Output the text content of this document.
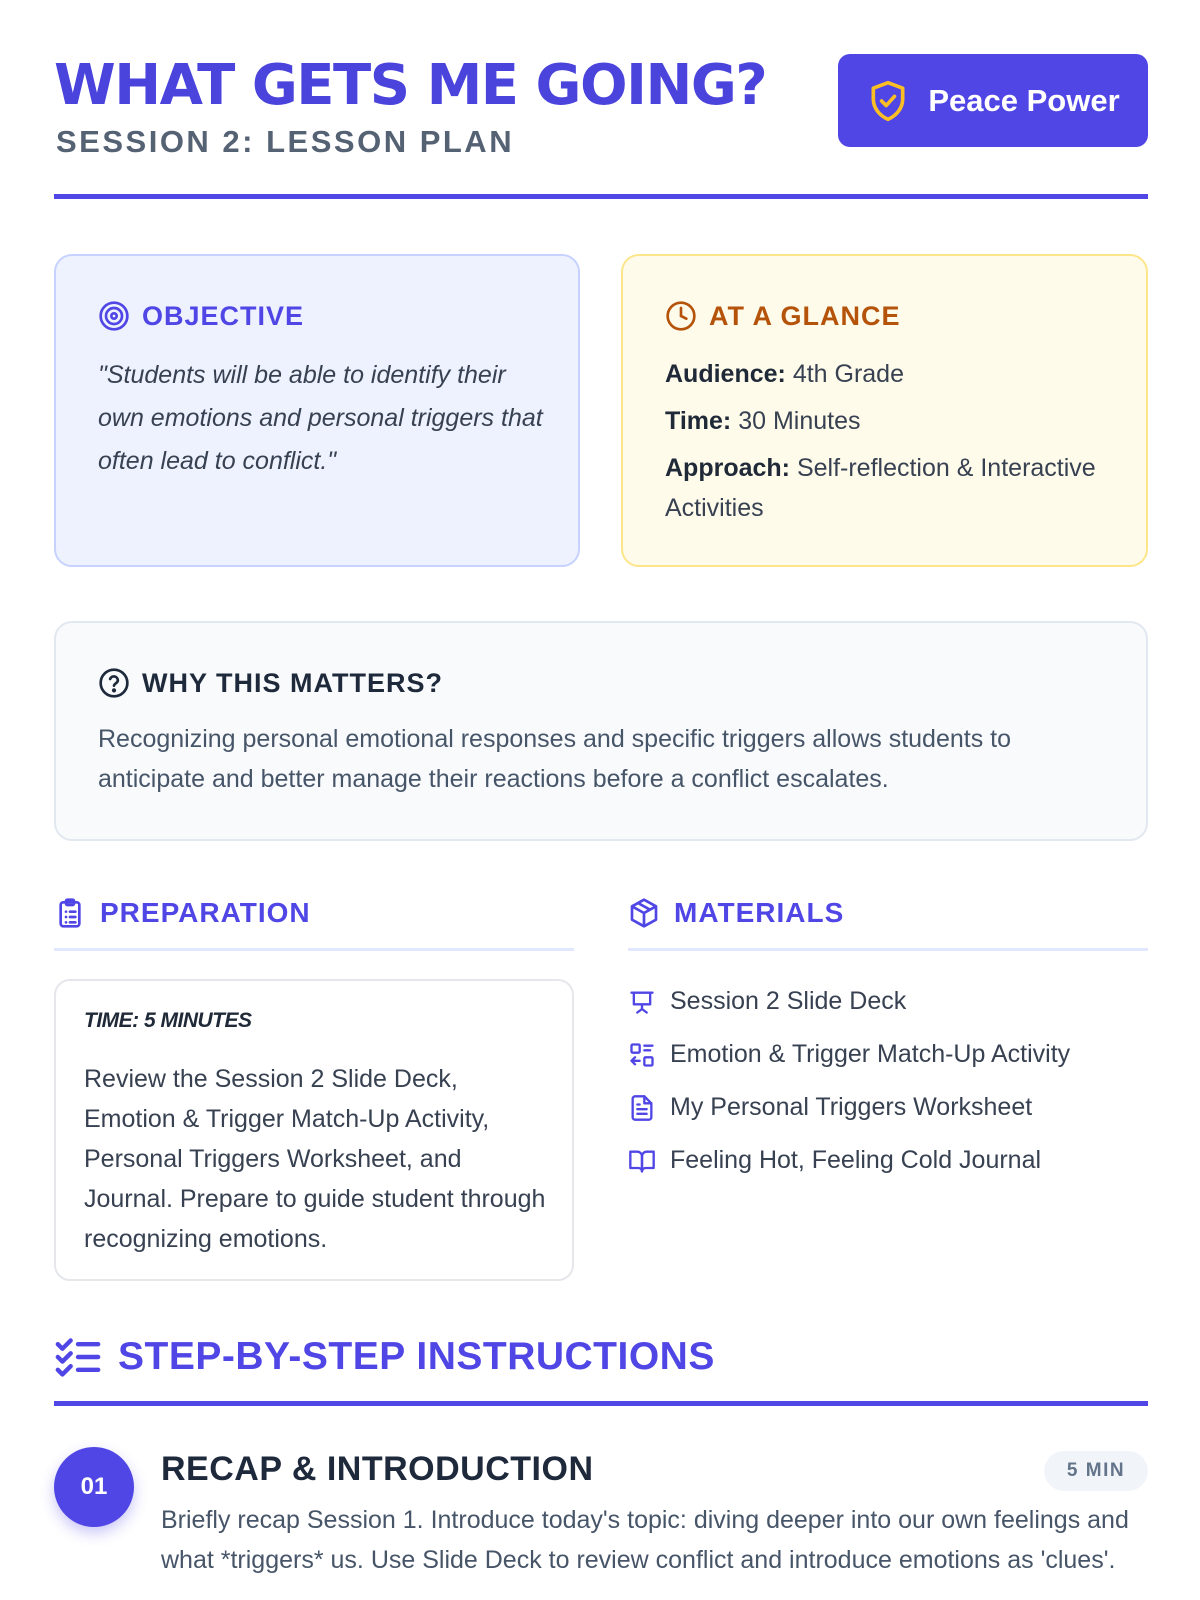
WHAT GETS ME GOING?
SESSION 2: LESSON PLAN
Peace Power
OBJECTIVE

"Students will be able to identify their own emotions and personal triggers that often lead to conflict."

AT A GLANCE
Audience: 4th Grade
Time: 30 Minutes
Approach: Self-reflection & Interactive Activities
WHY THIS MATTERS?

Recognizing personal emotional responses and specific triggers allows students to anticipate and better manage their reactions before a conflict escalates.

PREPARATION
TIME: 5 MINUTES

Review the Session 2 Slide Deck, Emotion & Trigger Match-Up Activity, Personal Triggers Worksheet, and Journal. Prepare to guide student through recognizing emotions.

MATERIALS
Session 2 Slide Deck
Emotion & Trigger Match-Up Activity
My Personal Triggers Worksheet
Feeling Hot, Feeling Cold Journal
STEP-BY-STEP INSTRUCTIONS
01	RECAP & INTRODUCTION	5 MIN

Briefly recap Session 1. Introduce today's topic: diving deeper into our own feelings and what *triggers* us. Use Slide Deck to review conflict and introduce emotions as 'clues'.
